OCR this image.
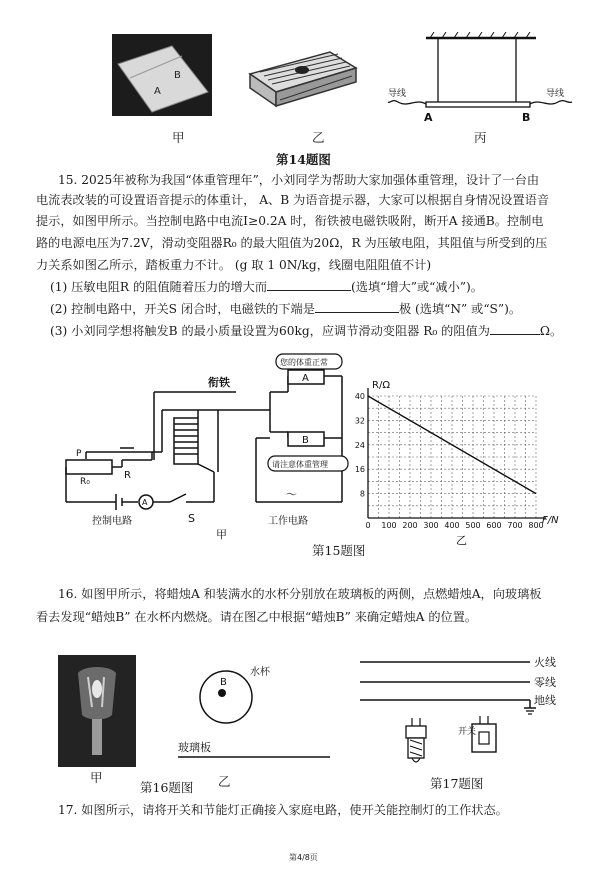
B
A	导线	导线
A	B
甲	乙	丙
第14题图
15. 2025年被称为我国“体重管理年”，小刘同学为帮助大家加强体重管理，设计了一台由
电流表改装的可设置语音提示的体重计， A、B 为语音提示器，大家可以根据自身情况设置语音
提示，如图甲所示。当控制电路中电流I≥0.2A 时，衔铁被电磁铁吸附，断开A 接通B。控制电
路的电源电压为7.2V，滑动变阻器R₀ 的最大阻值为20Ω，R 为压敏电阻，其阻值与所受到的压
力关系如图乙所示，踏板重力不计。 (g 取 1 0N/kg，线圈电阻阻值不计)
(1) 压敏电阻R 的阻值随着压力的增大而	(选填“增大”或“减小”)。
(2) 控制电路中，开关S 闭合时，电磁铁的下端是	极 (选填“N” 或“S”)。
(3) 小刘同学想将触发B 的最小质量设置为60kg，应调节滑动变阻器 R₀ 的阻值为	Ω。
您的体重正常
请注意体重管理
A
B
衔铁
P
R₀
R
A
控制电路	S
～
工作电路
甲
0 100 200 300 400 500 600 700 800
8
16
24
32
40
R/Ω
F/N
乙
第15题图
16. 如图甲所示，将蜡烛A 和装满水的水杯分别放在玻璃板的两侧，点燃蜡烛A，向玻璃板
看去发现“蜡烛B” 在水杯内燃烧。请在图乙中根据“蜡烛B” 来确定蜡烛A 的位置。
甲
B
水杯
玻璃板
乙
第16题图
火线
零线
地线
开关
第17题图
17. 如图所示，请将开关和节能灯正确接入家庭电路，使开关能控制灯的工作状态。
第4/8页
